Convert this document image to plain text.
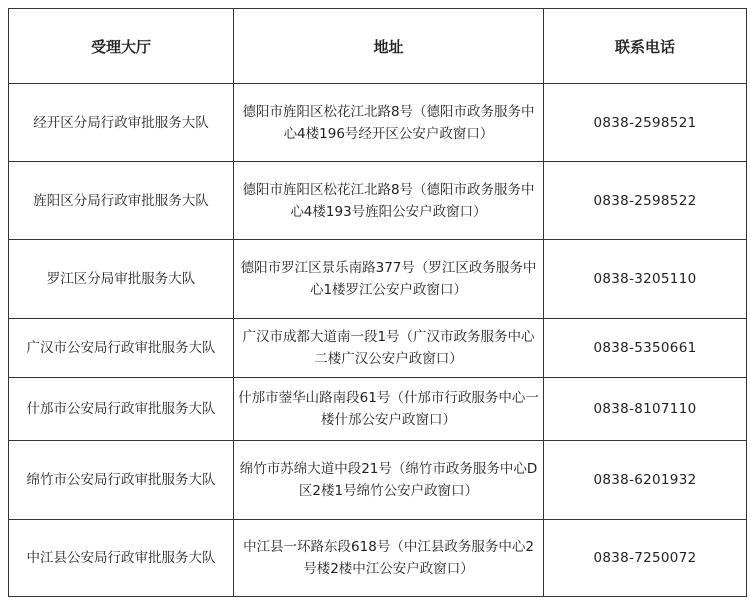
受理大厅	地址	联系电话
经开区分局行政审批服务大队	德阳市旌阳区松花江北路8号（德阳市政务服务中心4楼196号经开区公安户政窗口）	0838-2598521
旌阳区分局行政审批服务大队	德阳市旌阳区松花江北路8号（德阳市政务服务中心4楼193号旌阳公安户政窗口）	0838-2598522
罗江区分局审批服务大队	德阳市罗江区景乐南路377号（罗江区政务服务中心1楼罗江公安户政窗口）	0838-3205110
广汉市公安局行政审批服务大队	广汉市成都大道南一段1号（广汉市政务服务中心二楼广汉公安户政窗口）	0838-5350661
什邡市公安局行政审批服务大队	什邡市蓥华山路南段61号（什邡市行政服务中心一楼什邡公安户政窗口）	0838-8107110
绵竹市公安局行政审批服务大队	绵竹市苏绵大道中段21号（绵竹市政务服务中心D区2楼1号绵竹公安户政窗口）	0838-6201932
中江县公安局行政审批服务大队	中江县一环路东段618号（中江县政务服务中心2号楼2楼中江公安户政窗口）	0838-7250072
